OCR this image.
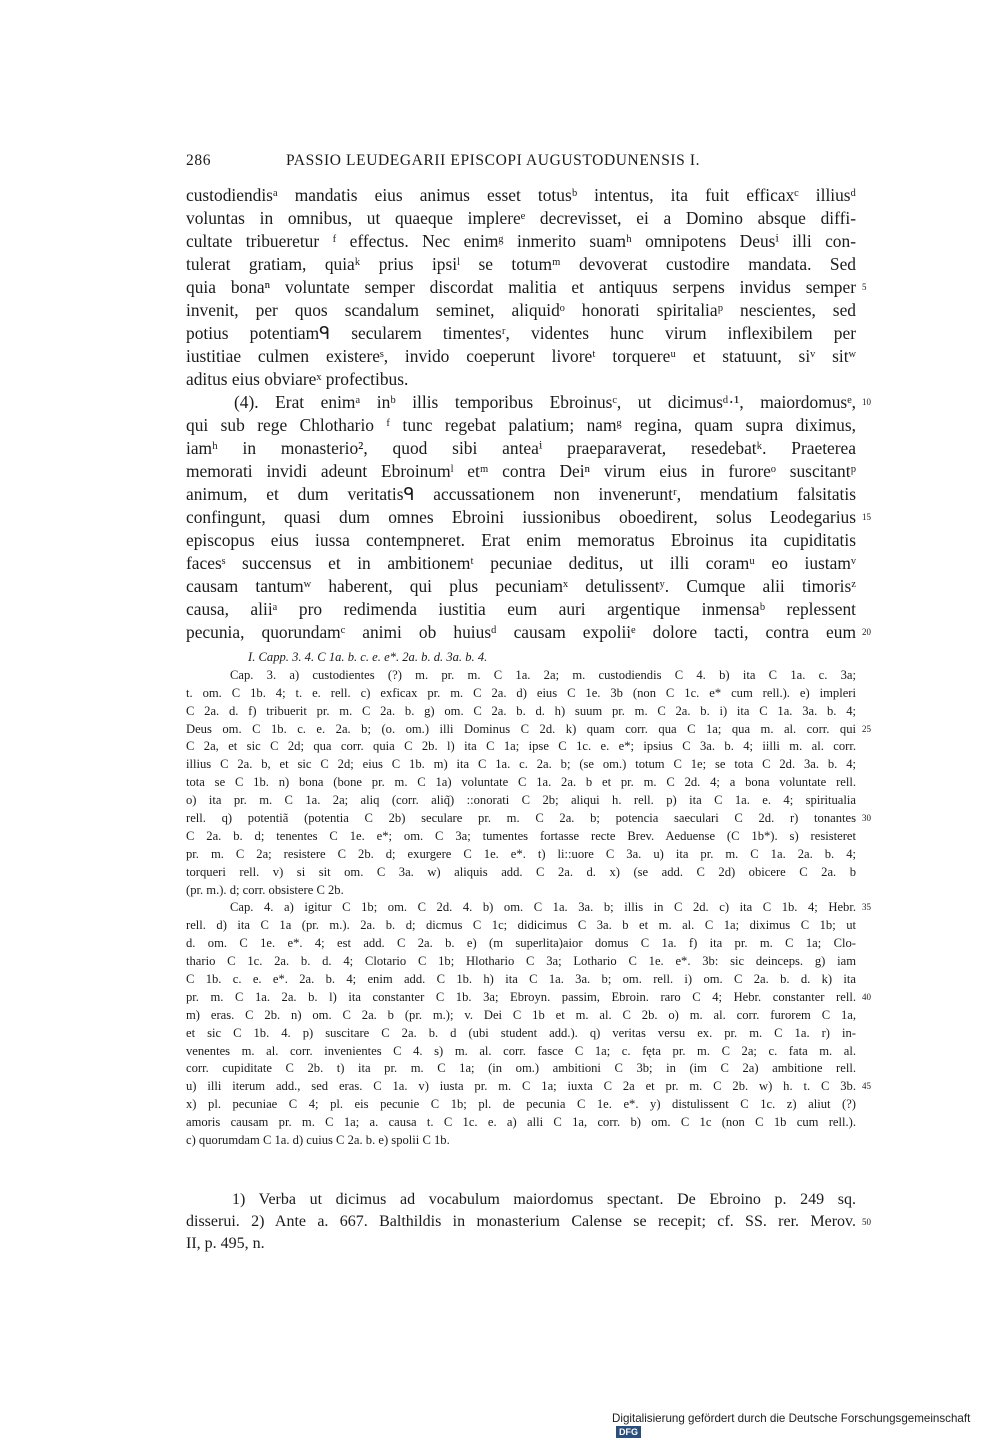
286	PASSIO LEUDEGARII EPISCOPI AUGUSTODUNENSIS I.
custodiendisᵃ mandatis eius animus esset totusᵇ intentus, ita fuit efficaxᶜ illiusᵈ
voluntas in omnibus, ut quaeque implereᵉ decrevisset, ei a Domino absque diffi-
cultate tribueretur ᶠ effectus. Nec enimᵍ inmerito suamʰ omnipotens Deusⁱ illi con-
tulerat gratiam, quiaᵏ prius ipsiˡ se totumᵐ devoverat custodire mandata. Sed
quia bonaⁿ voluntate semper discordat malitia et antiquus serpens invidus semper 5
invenit, per quos scandalum seminet, aliquidᵒ honorati spiritaliaᵖ nescientes, sed
potius potentiamᑫ secularem timentesʳ, videntes hunc virum inflexibilem per
iustitiae culmen existereˢ, invido coeperunt livoreᵗ torquereᵘ et statuunt, siᵛ sitʷ
aditus eius obviareˣ profectibus.
(4). Erat enimᵃ inᵇ illis temporibus Ebroinusᶜ, ut dicimusᵈ·¹, maiordomusᵉ, 10
qui sub rege Chlothario ᶠ tunc regebat palatium; namᵍ regina, quam supra diximus,
iamʰ in monasterio², quod sibi anteaⁱ praeparaverat, resedebatᵏ. Praeterea
memorati invidi adeunt Ebroinumˡ etᵐ contra Deiⁿ virum eius in furoreᵒ suscitantᵖ
animum, et dum veritatisᑫ accussationem non inveneruntʳ, mendatium falsitatis
confingunt, quasi dum omnes Ebroini iussionibus oboedirent, solus Leodegarius 15
episcopus eius iussa contempneret. Erat enim memoratus Ebroinus ita cupiditatis
facesˢ succensus et in ambitionemᵗ pecuniae deditus, ut illi coramᵘ eo iustamᵛ
causam tantumʷ haberent, qui plus pecuniamˣ detulissentʸ. Cumque alii timorisᶻ
causa, aliiᵃ pro redimenda iustitia eum auri argentique inmensaᵇ replessent
pecunia, quorundamᶜ animi ob huiusᵈ causam expoliiᵉ dolore tacti, contra eum 20
I. Capp. 3. 4. C 1a. b. c. e. e*. 2a. b. d. 3a. b. 4.
Cap. 3. a) custodientes (?) m. pr. m. C 1a. 2a; m. custodiendis C 4. b) ita C 1a. c. 3a;
t. om. C 1b. 4; t. e. rell. c) exficax pr. m. C 2a. d) eius C 1e. 3b (non C 1c. e* cum rell.). e) impleri
C 2a. d. f) tribuerit pr. m. C 2a. b. g) om. C 2a. b. d. h) suum pr. m. C 2a. b. i) ita C 1a. 3a. b. 4;
Deus om. C 1b. c. e. 2a. b; (o. om.) illi Dominus C 2d. k) quam corr. qua C 1a; qua m. al. corr. qui 25
C 2a, et sic C 2d; qua corr. quia C 2b. l) ita C 1a; ipse C 1c. e. e*; ipsius C 3a. b. 4; iilli m. al. corr.
illius C 2a. b, et sic C 2d; eius C 1b. m) ita C 1a. c. 2a. b; (se om.) totum C 1e; se tota C 2d. 3a. b. 4;
tota se C 1b. n) bona (bone pr. m. C 1a) voluntate C 1a. 2a. b et pr. m. C 2d. 4; a bona voluntate rell.
o) ita pr. m. C 1a. 2a; aliq (corr. aliq̃) ::onorati C 2b; aliqui h. rell. p) ita C 1a. e. 4; spiritualia
rell. q) potentiã (potentia C 2b) seculare pr. m. C 2a. b; potencia saeculari C 2d. r) tonantes 30
C 2a. b. d; tenentes C 1e. e*; om. C 3a; tumentes fortasse recte Brev. Aeduense (C 1b*). s) resisteret
pr. m. C 2a; resistere C 2b. d; exurgere C 1e. e*. t) li::uore C 3a. u) ita pr. m. C 1a. 2a. b. 4;
torqueri rell. v) si sit om. C 3a. w) aliquis add. C 2a. d. x) (se add. C 2d) obicere C 2a. b
(pr. m.). d; corr. obsistere C 2b.
Cap. 4. a) igitur C 1b; om. C 2d. 4. b) om. C 1a. 3a. b; illis in C 2d. c) ita C 1b. 4; Hebr. 35
rell. d) ita C 1a (pr. m.). 2a. b. d; dicmus C 1c; didicimus C 3a. b et m. al. C 1a; diximus C 1b; ut
d. om. C 1e. e*. 4; est add. C 2a. b. e) (m superlita)aior domus C 1a. f) ita pr. m. C 1a; Clo-
thario C 1c. 2a. b. d. 4; Clotario C 1b; Hlothario C 3a; Lothario C 1e. e*. 3b: sic deinceps. g) iam
C 1b. c. e. e*. 2a. b. 4; enim add. C 1b. h) ita C 1a. 3a. b; om. rell. i) om. C 2a. b. d. k) ita
pr. m. C 1a. 2a. b. l) ita constanter C 1b. 3a; Ebroyn. passim, Ebroin. raro C 4; Hebr. constanter rell. 40
m) eras. C 2b. n) om. C 2a. b (pr. m.); v. Dei C 1b et m. al. C 2b. o) m. al. corr. furorem C 1a,
et sic C 1b. 4. p) suscitare C 2a. b. d (ubi student add.). q) veritas versu ex. pr. m. C 1a. r) in-
venentes m. al. corr. invenientes C 4. s) m. al. corr. fasce C 1a; c. fęta pr. m. C 2a; c. fata m. al.
corr. cupiditate C 2b. t) ita pr. m. C 1a; (in om.) ambitioni C 3b; in (im C 2a) ambitione rell.
u) illi iterum add., sed eras. C 1a. v) iusta pr. m. C 1a; iuxta C 2a et pr. m. C 2b. w) h. t. C 3b. 45
x) pl. pecuniae C 4; pl. eis pecunie C 1b; pl. de pecunia C 1e. e*. y) distulissent C 1c. z) aliut (?)
amoris causam pr. m. C 1a; a. causa t. C 1c. e. a) alli C 1a, corr. b) om. C 1c (non C 1b cum rell.).
c) quorumdam C 1a. d) cuius C 2a. b. e) spolii C 1b.
1) Verba ut dicimus ad vocabulum maiordomus spectant. De Ebroino p. 249 sq.
disserui. 2) Ante a. 667. Balthildis in monasterium Calense se recepit; cf. SS. rer. Merov. 50
II, p. 495, n.
Digitalisierung gefördert durch die Deutsche Forschungsgemeinschaft DFG
